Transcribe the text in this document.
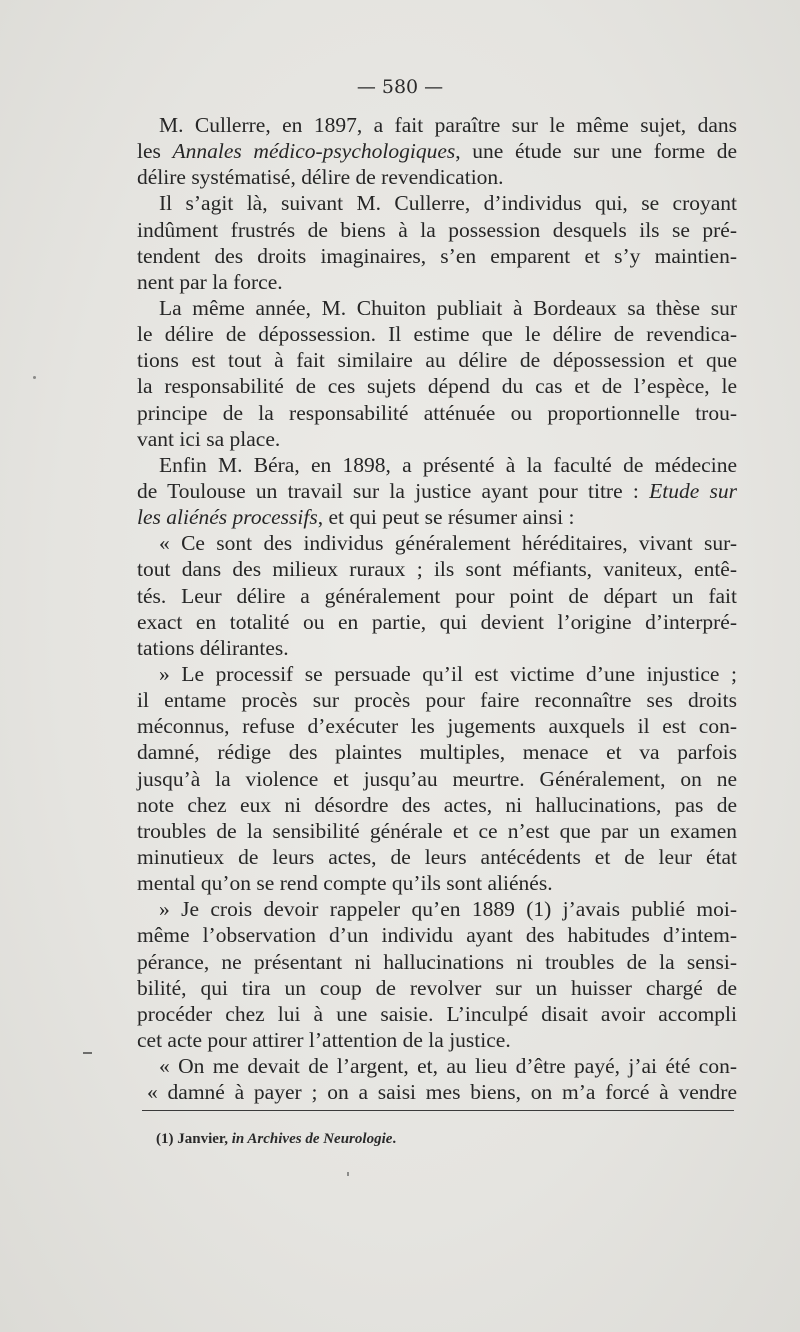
— 580 —
M. Cullerre, en 1897, a fait paraître sur le même sujet, dans
les Annales médico-psychologiques, une étude sur une forme de
délire systématisé, délire de revendication.
Il s’agit là, suivant M. Cullerre, d’individus qui, se croyant
indûment frustrés de biens à la possession desquels ils se pré-
tendent des droits imaginaires, s’en emparent et s’y maintien-
nent par la force.
La même année, M. Chuiton publiait à Bordeaux sa thèse sur
le délire de dépossession. Il estime que le délire de revendica-
tions est tout à fait similaire au délire de dépossession et que
la responsabilité de ces sujets dépend du cas et de l’espèce, le
principe de la responsabilité atténuée ou proportionnelle trou-
vant ici sa place.
Enfin M. Béra, en 1898, a présenté à la faculté de médecine
de Toulouse un travail sur la justice ayant pour titre : Etude sur
les aliénés processifs, et qui peut se résumer ainsi :
« Ce sont des individus généralement héréditaires, vivant sur-
tout dans des milieux ruraux ; ils sont méfiants, vaniteux, entê-
tés. Leur délire a généralement pour point de départ un fait
exact en totalité ou en partie, qui devient l’origine d’interpré-
tations délirantes.
» Le processif se persuade qu’il est victime d’une injustice ;
il entame procès sur procès pour faire reconnaître ses droits
méconnus, refuse d’exécuter les jugements auxquels il est con-
damné, rédige des plaintes multiples, menace et va parfois
jusqu’à la violence et jusqu’au meurtre. Généralement, on ne
note chez eux ni désordre des actes, ni hallucinations, pas de
troubles de la sensibilité générale et ce n’est que par un examen
minutieux de leurs actes, de leurs antécédents et de leur état
mental qu’on se rend compte qu’ils sont aliénés.
» Je crois devoir rappeler qu’en 1889 (1) j’avais publié moi-
même l’observation d’un individu ayant des habitudes d’intem-
pérance, ne présentant ni hallucinations ni troubles de la sensi-
bilité, qui tira un coup de revolver sur un huisser chargé de
procéder chez lui à une saisie. L’inculpé disait avoir accompli
cet acte pour attirer l’attention de la justice.
« On me devait de l’argent, et, au lieu d’être payé, j’ai été con-
« damné à payer ; on a saisi mes biens, on m’a forcé à vendre
(1) Janvier, in Archives de Neurologie.
